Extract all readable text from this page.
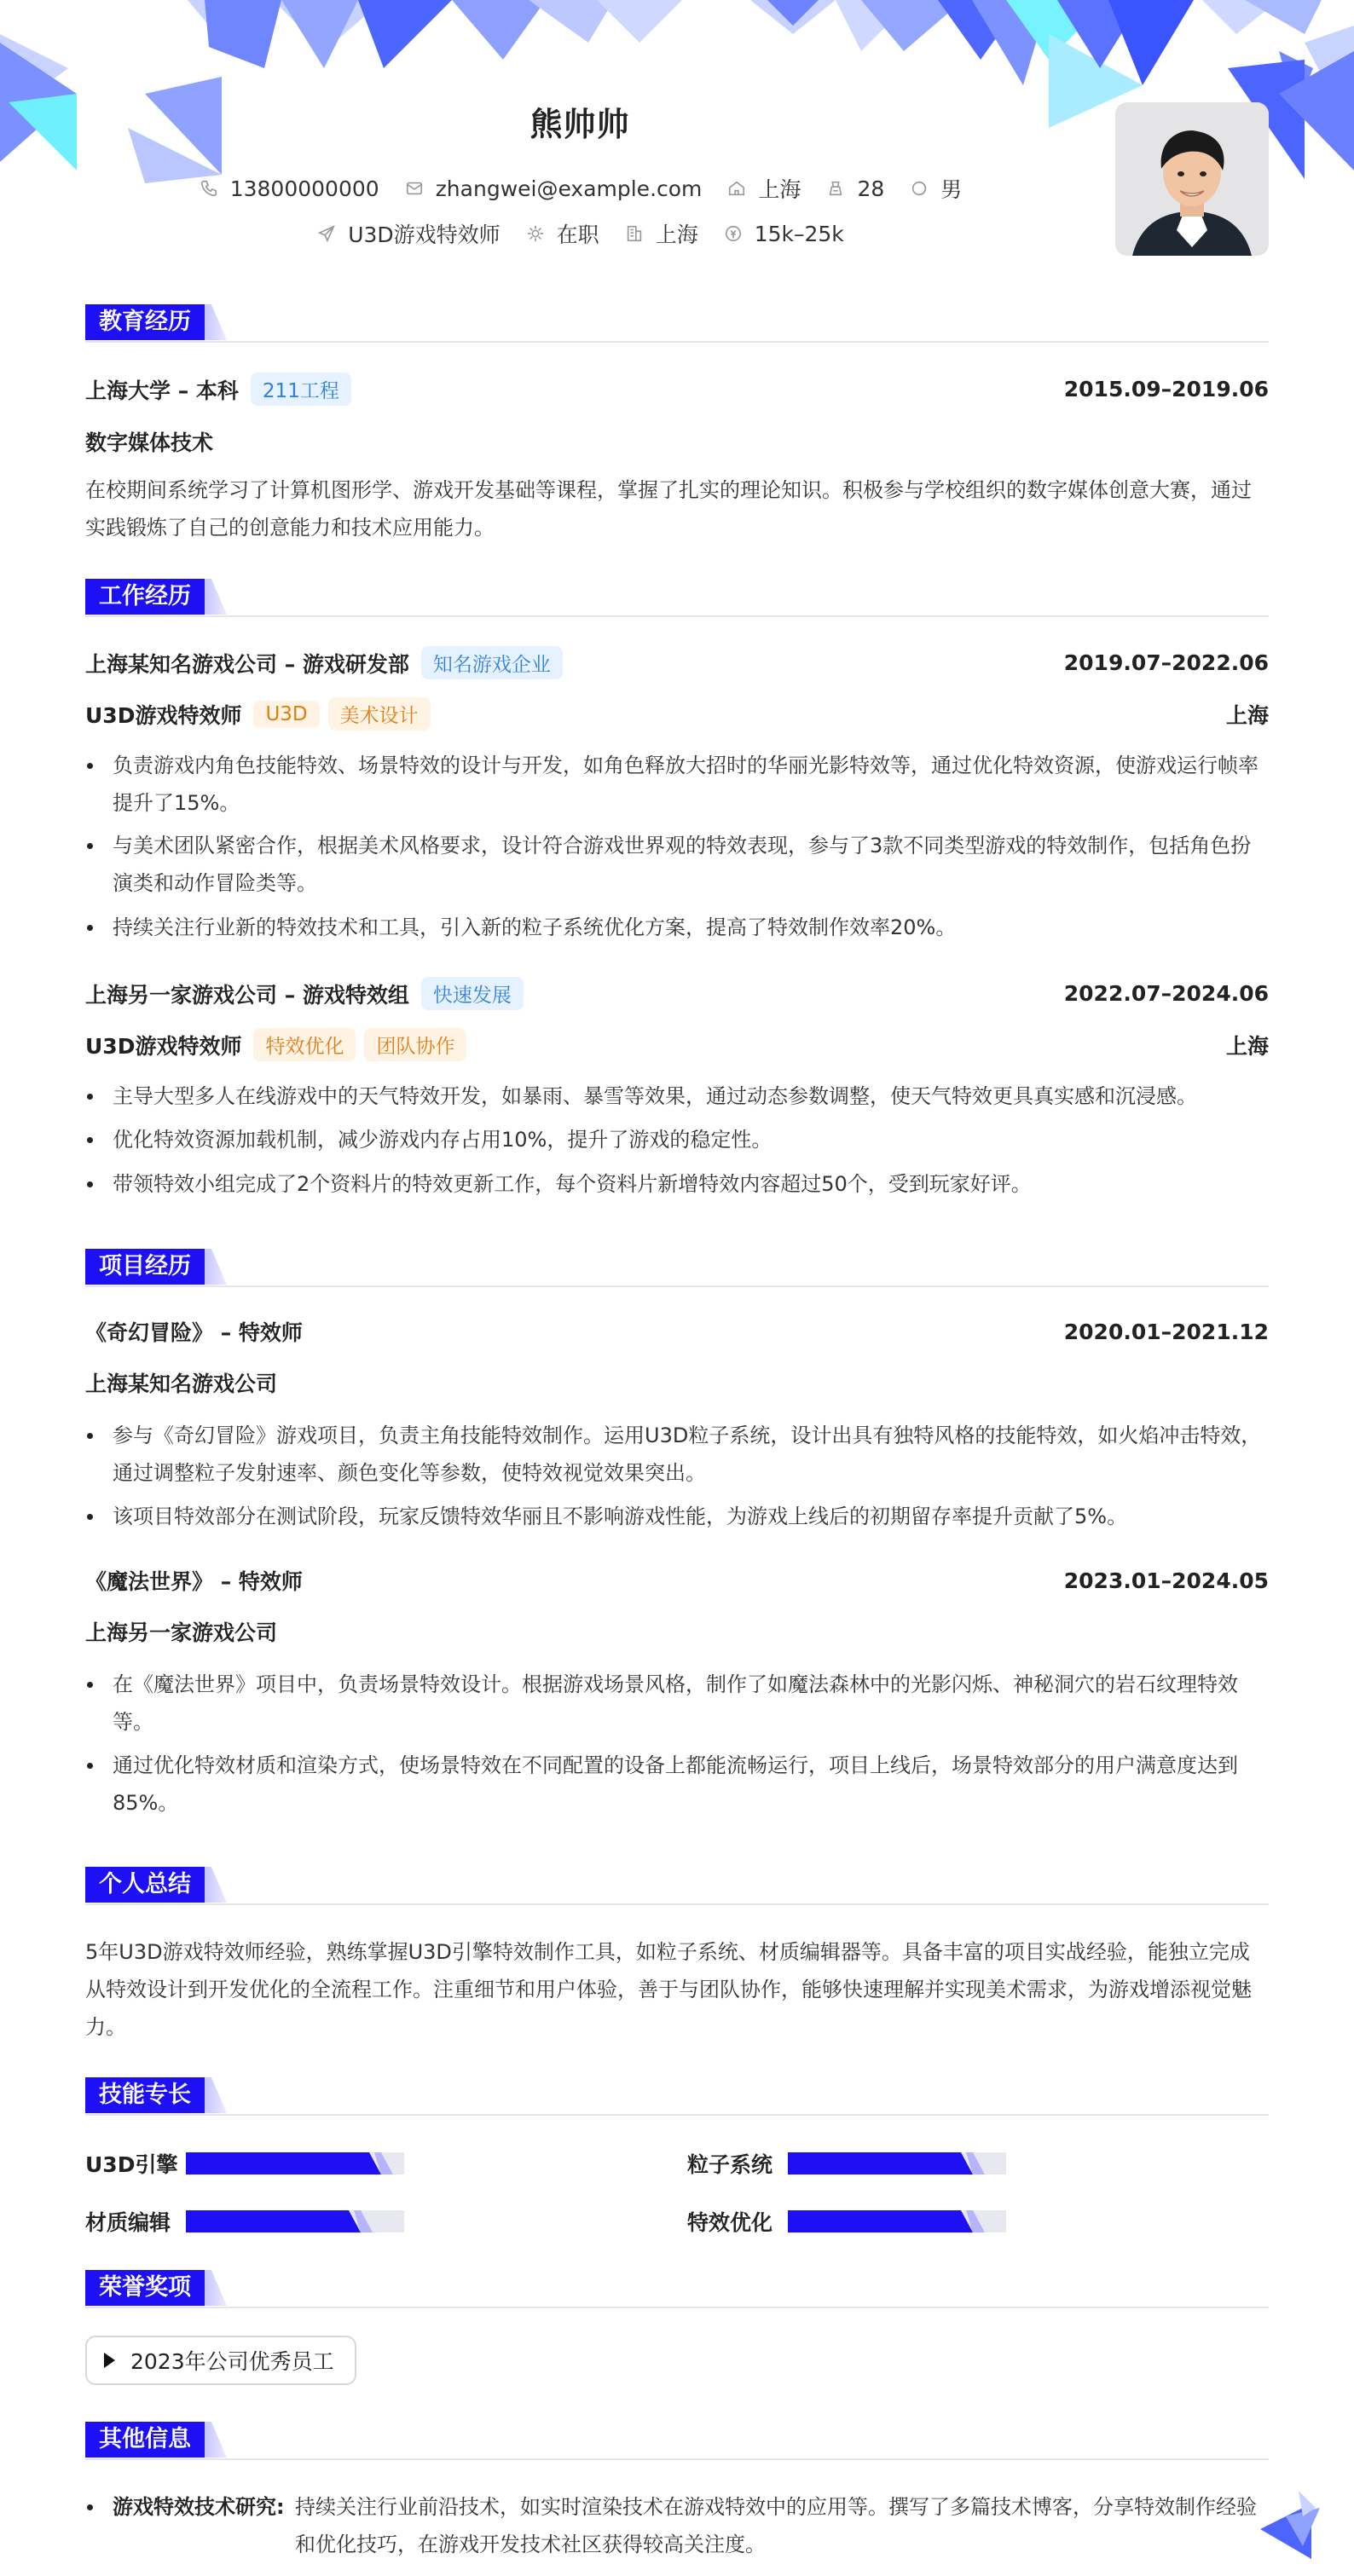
熊帅帅
13800000000	zhangwei@example.com	上海	28	男
U3D游戏特效师	在职	上海	15k–25k
教育经历
上海大学 – 本科	211工程	2015.09–2019.06
数字媒体技术
在校期间系统学习了计算机图形学、游戏开发基础等课程，掌握了扎实的理论知识。积极参与学校组织的数字媒体创意大赛，通过实践锻炼了自己的创意能力和技术应用能力。
工作经历
上海某知名游戏公司 – 游戏研发部	知名游戏企业	2019.07–2022.06
U3D游戏特效师	U3D	美术设计	上海
负责游戏内角色技能特效、场景特效的设计与开发，如角色释放大招时的华丽光影特效等，通过优化特效资源，使游戏运行帧率提升了15%。
与美术团队紧密合作，根据美术风格要求，设计符合游戏世界观的特效表现，参与了3款不同类型游戏的特效制作，包括角色扮演类和动作冒险类等。
持续关注行业新的特效技术和工具，引入新的粒子系统优化方案，提高了特效制作效率20%。
上海另一家游戏公司 – 游戏特效组	快速发展	2022.07–2024.06
U3D游戏特效师	特效优化	团队协作	上海
主导大型多人在线游戏中的天气特效开发，如暴雨、暴雪等效果，通过动态参数调整，使天气特效更具真实感和沉浸感。
优化特效资源加载机制，减少游戏内存占用10%，提升了游戏的稳定性。
带领特效小组完成了2个资料片的特效更新工作，每个资料片新增特效内容超过50个，受到玩家好评。
项目经历
《奇幻冒险》 – 特效师	2020.01–2021.12
上海某知名游戏公司
参与《奇幻冒险》游戏项目，负责主角技能特效制作。运用U3D粒子系统，设计出具有独特风格的技能特效，如火焰冲击特效，通过调整粒子发射速率、颜色变化等参数，使特效视觉效果突出。
该项目特效部分在测试阶段，玩家反馈特效华丽且不影响游戏性能，为游戏上线后的初期留存率提升贡献了5%。
《魔法世界》 – 特效师	2023.01–2024.05
上海另一家游戏公司
在《魔法世界》项目中，负责场景特效设计。根据游戏场景风格，制作了如魔法森林中的光影闪烁、神秘洞穴的岩石纹理特效等。
通过优化特效材质和渲染方式，使场景特效在不同配置的设备上都能流畅运行，项目上线后，场景特效部分的用户满意度达到85%。
个人总结
5年U3D游戏特效师经验，熟练掌握U3D引擎特效制作工具，如粒子系统、材质编辑器等。具备丰富的项目实战经验，能独立完成从特效设计到开发优化的全流程工作。注重细节和用户体验，善于与团队协作，能够快速理解并实现美术需求，为游戏增添视觉魅力。
技能专长
U3D引擎	粒子系统
材质编辑	特效优化
荣誉奖项
2023年公司优秀员工
其他信息
游戏特效技术研究: 持续关注行业前沿技术，如实时渲染技术在游戏特效中的应用等。撰写了多篇技术博客，分享特效制作经验和优化技巧，在游戏开发技术社区获得较高关注度。
